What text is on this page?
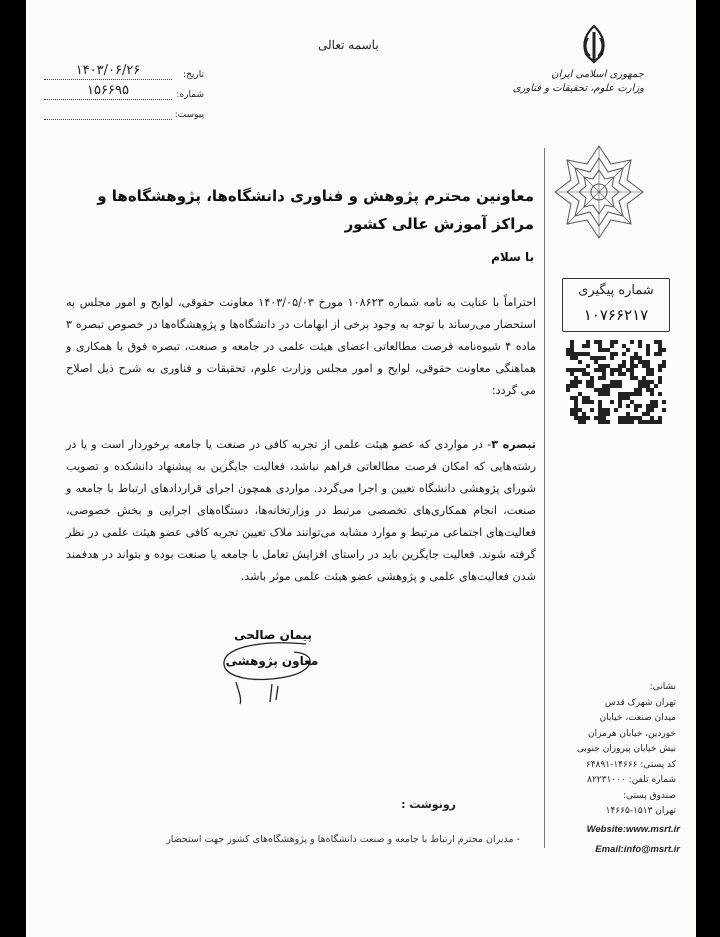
باسمه تعالی
جمهوری اسلامی ایران
وزارت علوم، تحقیقات و فناوری
تاریخ:
۱۴۰۳/۰۶/۲۶
شماره:
۱۵۶۶۹۵
پیوست:
معاونین محترم پژوهش و فناوری دانشگاه‌ها، پژوهشگاه‌ها و مراکز آموزش عالی کشور
با سلام
احتراماً با عنایت به نامه شماره ۱۰۸۶۲۳ مورخ ۱۴۰۳/۰۵/۰۳ معاونت حقوقی، لوایح و امور مجلس به استحضار می‌رساند با توجه به وجود برخی از ابهامات در دانشگاه‌ها و پژوهشگاه‌ها در خصوص تبصره ۳ ماده ۴ شیوه‌نامه فرصت مطالعاتی اعضای هیئت علمی در جامعه و صنعت، تبصره فوق با همکاری و هماهنگی معاونت حقوقی، لوایح و امور مجلس وزارت علوم، تحقیقات و فناوری به شرح ذیل اصلاح می گردد:
تبصره ۳- در مواردی که عضو هیئت علمی از تجربه کافی در صنعت یا جامعه برخوردار است و یا در رشته‌هایی که امکان فرصت مطالعاتی فراهم نباشد، فعالیت جایگزین به پیشنهاد دانشکده و تصویب شورای پژوهشی دانشگاه تعیین و اجرا می‌گردد. مواردی همچون اجرای قراردادهای ارتباط با جامعه و صنعت، انجام همکاری‌های تخصصی مرتبط در وزارتخانه‌ها، دستگاه‌های اجرایی و بخش خصوصی، فعالیت‌های اجتماعی مرتبط و موارد مشابه می‌توانند ملاک تعیین تجربه کافی عضو هیئت علمی در نظر گرفته شوند. فعالیت جایگزین باید در راستای افزایش تعامل با جامعه یا صنعت بوده و بتواند در هدفمند شدن فعالیت‌های علمی و پژوهشی عضو هیئت علمی موثر باشد.
پیمان صالحی
معاون پژوهشی
شماره پیگیری
۱۰۷۶۶۲۱۷
نشانی:
تهران شهرک قدس
میدان صنعت، خیابان
خوردین، خیابان هرمزان
نبش خیابان پیروزان جنوبی
کد پستی: ۱۴۶۶۶-۶۴۸۹۱
شماره تلفن: ۸۲۲۳۱۰۰۰
صندوق پستی:
تهران ۱۵۱۳-۱۴۶۶۵
Website:www.msrt.ir
Email:info@msrt.ir
رونوشت :
- مدیران محترم ارتباط با جامعه و صنعت دانشگاه‌ها و پژوهشگاه‌های کشور جهت استحضار
